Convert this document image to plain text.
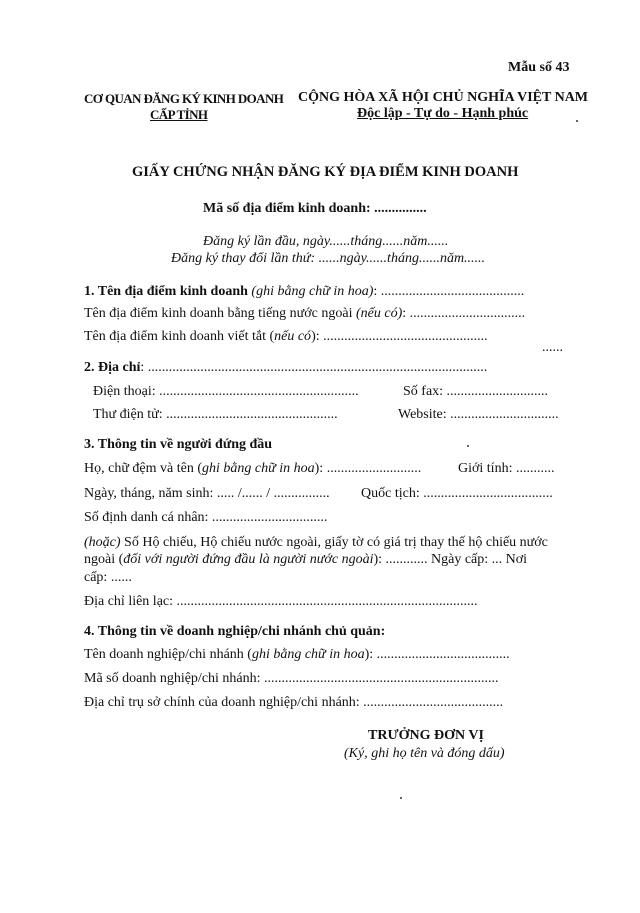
Mẫu số 43
CƠ QUAN ĐĂNG KÝ KINH DOANH
CẤP TỈNH
CỘNG HÒA XÃ HỘI CHỦ NGHĨA VIỆT NAM
Độc lập - Tự do - Hạnh phúc
GIẤY CHỨNG NHẬN ĐĂNG KÝ ĐỊA ĐIỂM KINH DOANH
Mã số địa điểm kinh doanh: ...............
Đăng ký lần đầu, ngày......tháng......năm......
Đăng ký thay đổi lần thứ: ......ngày......tháng......năm......
1. Tên địa điểm kinh doanh (ghi bằng chữ in hoa): .........................................
Tên địa điểm kinh doanh bằng tiếng nước ngoài (nếu có): .................................
Tên địa điểm kinh doanh viết tắt (nếu có): ...............................................
......
2. Địa chỉ: .................................................................................................
Điện thoại: .........................................................	Số fax: .............................
Thư điện tử: .................................................	Website: ...............................
3. Thông tin về người đứng đầu
Họ, chữ đệm và tên (ghi bằng chữ in hoa): ...........................	Giới tính: ...........
Ngày, tháng, năm sinh: ..... /...... / ................ Quốc tịch: .....................................
Số định danh cá nhân: .................................
(hoặc) Số Hộ chiếu, Hộ chiếu nước ngoài, giấy tờ có giá trị thay thế hộ chiếu nước
ngoài (đối với người đứng đầu là người nước ngoài): ............ Ngày cấp: ... Nơi
cấp: ......
Địa chỉ liên lạc: ......................................................................................
4. Thông tin về doanh nghiệp/chi nhánh chủ quản:
Tên doanh nghiệp/chi nhánh (ghi bằng chữ in hoa): ......................................
Mã số doanh nghiệp/chi nhánh: ...................................................................
Địa chỉ trụ sở chính của doanh nghiệp/chi nhánh: ........................................
TRƯỞNG ĐƠN VỊ
(Ký, ghi họ tên và đóng dấu)
